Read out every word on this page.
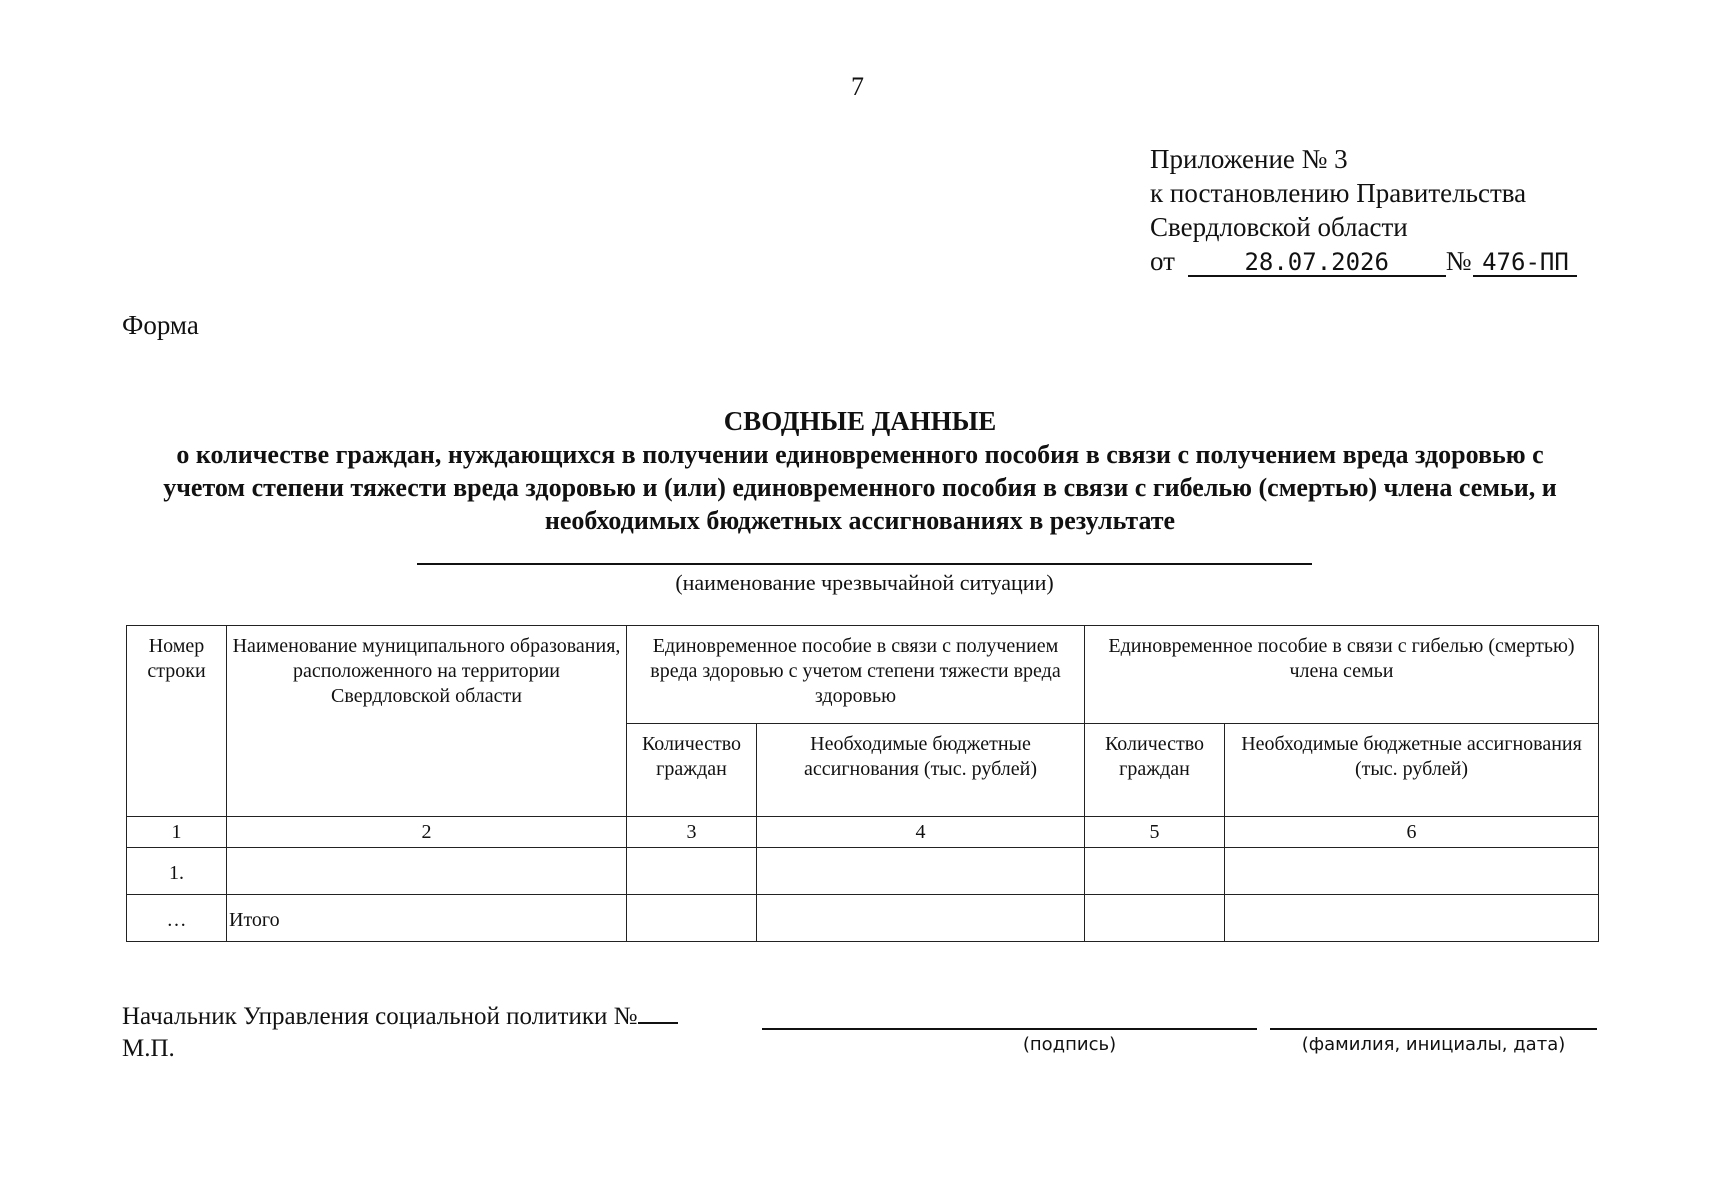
7
Приложение № 3
к постановлению Правительства
Свердловской области
от	28.07.2026 № 476-ПП
Форма
СВОДНЫЕ ДАННЫЕ
о количестве граждан, нуждающихся в получении единовременного пособия в связи с получением вреда здоровью с учетом степени тяжести вреда здоровью и (или) единовременного пособия в связи с гибелью (смертью) члена семьи, и необходимых бюджетных ассигнованиях в результате
(наименование чрезвычайной ситуации)
Номер строки	Наименование муниципального образования, расположенного на территории Свердловской области	Единовременное пособие в связи с получением вреда здоровью с учетом степени тяжести вреда здоровью		Единовременное пособие в связи с гибелью (смертью) члена семьи	
		Количество граждан	Необходимые бюджетные ассигнования (тыс. рублей)	Количество граждан	Необходимые бюджетные ассигнования (тыс. рублей)
1	2	3	4	5	6
1.					
…	Итого				
Начальник Управления социальной политики №
М.П.	(подпись)	(фамилия, инициалы, дата)
